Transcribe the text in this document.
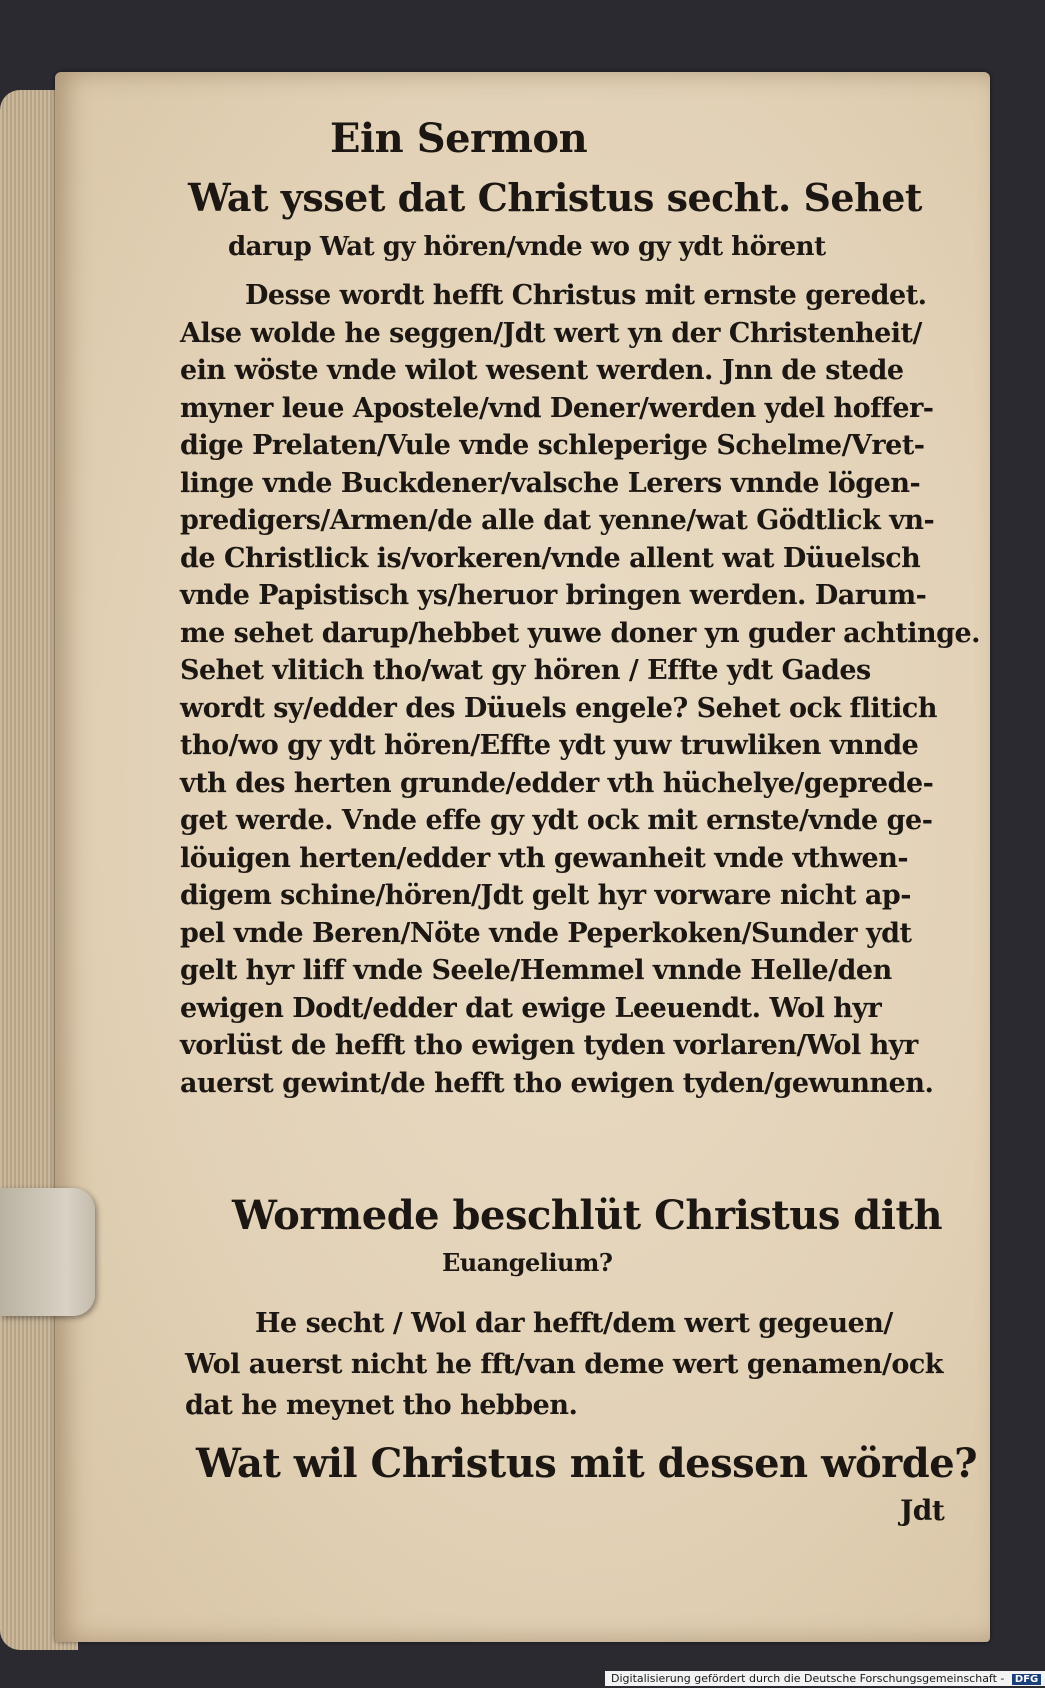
Ein Sermon
Wat ysset dat Christus secht. Sehet
darup Wat gy hören/vnde wo gy ydt hörent
Desse wordt hefft Christus mit ernste geredet.
Alse wolde he seggen/Jdt wert yn der Christenheit/
ein wöste vnde wilot wesent werden. Jnn de stede
myner leue Apostele/vnd Dener/werden ydel hoffer-
dige Prelaten/Vule vnde schleperige Schelme/Vret-
linge vnde Buckdener/valsche Lerers vnnde lögen-
predigers/Armen/de alle dat yenne/wat Gödtlick vn-
de Christlick is/vorkeren/vnde allent wat Düuelsch
vnde Papistisch ys/heruor bringen werden. Darum-
me sehet darup/hebbet yuwe doner yn guder achtinge.
Sehet vlitich tho/wat gy hören / Effte ydt Gades
wordt sy/edder des Düuels engele? Sehet ock flitich
tho/wo gy ydt hören/Effte ydt yuw truwliken vnnde
vth des herten grunde/edder vth hüchelye/geprede-
get werde. Vnde effe gy ydt ock mit ernste/vnde ge-
löuigen herten/edder vth gewanheit vnde vthwen-
digem schine/hören/Jdt gelt hyr vorware nicht ap-
pel vnde Beren/Nöte vnde Peperkoken/Sunder ydt
gelt hyr liff vnde Seele/Hemmel vnnde Helle/den
ewigen Dodt/edder dat ewige Leeuendt. Wol hyr
vorlüst de hefft tho ewigen tyden vorlaren/Wol hyr
auerst gewint/de hefft tho ewigen tyden/gewunnen.
Wormede beschlüt Christus dith
Euangelium?
He secht / Wol dar hefft/dem wert gegeuen/
Wol auerst nicht he fft/van deme wert genamen/ock
dat he meynet tho hebben.
Wat wil Christus mit dessen wörde?
Jdt
Digitalisierung gefördert durch die Deutsche Forschungsgemeinschaft - DFG
